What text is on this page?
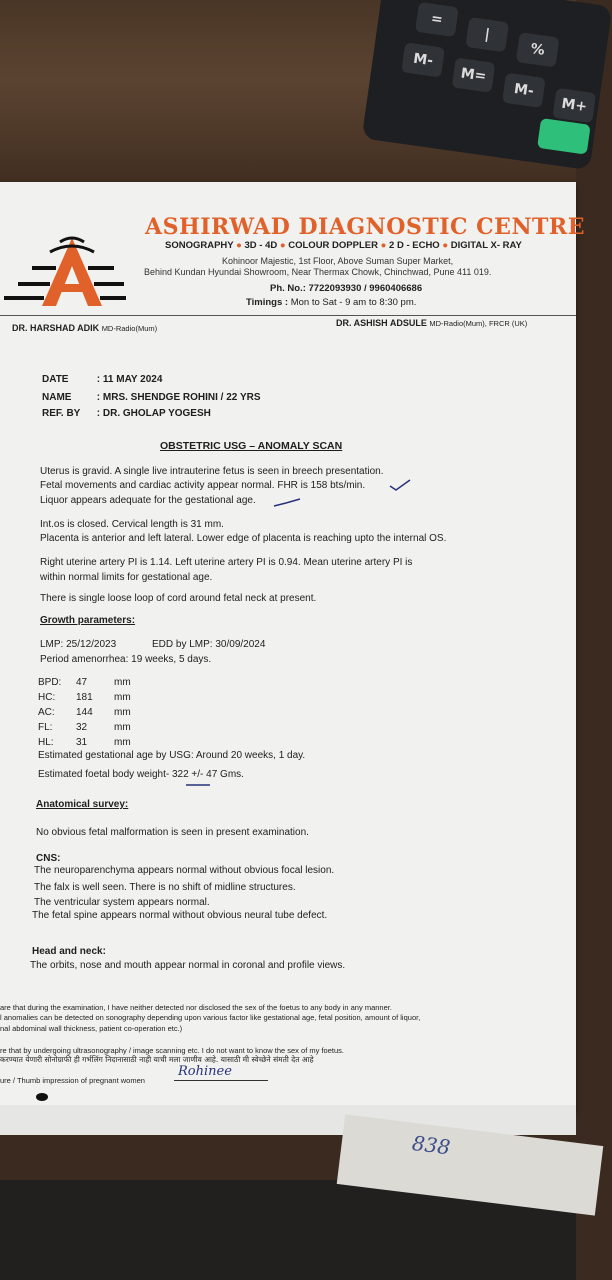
=
|
%
M-
M=
M-
M+
838
ASHIRWAD DIAGNOSTIC CENTRE
SONOGRAPHY ● 3D - 4D ● COLOUR DOPPLER ● 2 D - ECHO ● DIGITAL X- RAY
Kohinoor Majestic, 1st Floor, Above Suman Super Market,
Behind Kundan Hyundai Showroom, Near Thermax Chowk, Chinchwad, Pune 411 019.
Ph. No.: 7722093930 / 9960406686
Timings : Mon to Sat - 9 am to 8:30 pm.
DR. HARSHAD ADIK MD-Radio(Mum)
DR. ASHISH ADSULE MD-Radio(Mum), FRCR (UK)
DATE	: 11 MAY 2024
NAME	: MRS. SHENDGE ROHINI / 22 YRS
REF. BY : DR. GHOLAP YOGESH
OBSTETRIC USG – ANOMALY SCAN
Uterus is gravid. A single live intrauterine fetus is seen in breech presentation.
Fetal movements and cardiac activity appear normal. FHR is 158 bts/min.
Liquor appears adequate for the gestational age.
Int.os is closed. Cervical length is 31 mm.
Placenta is anterior and left lateral. Lower edge of placenta is reaching upto the internal OS.
Right uterine artery PI is 1.14. Left uterine artery PI is 0.94. Mean uterine artery PI is
within normal limits for gestational age.
There is single loose loop of cord around fetal neck at present.
Growth parameters:
LMP: 25/12/2023	EDD by LMP: 30/09/2024
Period amenorrhea: 19 weeks, 5 days.
BPD: 47	mm
HC: 181 mm
AC: 144 mm
FL: 32	mm
HL: 31	mm
Estimated gestational age by USG: Around 20 weeks, 1 day.
Estimated foetal body weight- 322 +/- 47 Gms.
Anatomical survey:
No obvious fetal malformation is seen in present examination.
CNS:
The neuroparenchyma appears normal without obvious focal lesion.
The falx is well seen. There is no shift of midline structures.
The ventricular system appears normal.
The fetal spine appears normal without obvious neural tube defect.
Head and neck:
The orbits, nose and mouth appear normal in coronal and profile views.
are that during the examination, I have neither detected nor disclosed the sex of the foetus to any body in any manner.
l anomalies can be detected on sonography depending upon various factor like gestational age, fetal position, amount of liquor,
nal abdominal wall thickness, patient co-operation etc.)
re that by undergoing ultrasonography / image scanning etc. I do not want to know the sex of my foetus.
करण्यात येणारी सोनोग्राफी ही गर्भलिंग निदानासाठी नाही याची मला जाणीव आहे. यासाठी मी स्वेच्छेने संमती देत आहे
ure / Thumb impression of pregnant women
Rohinee
